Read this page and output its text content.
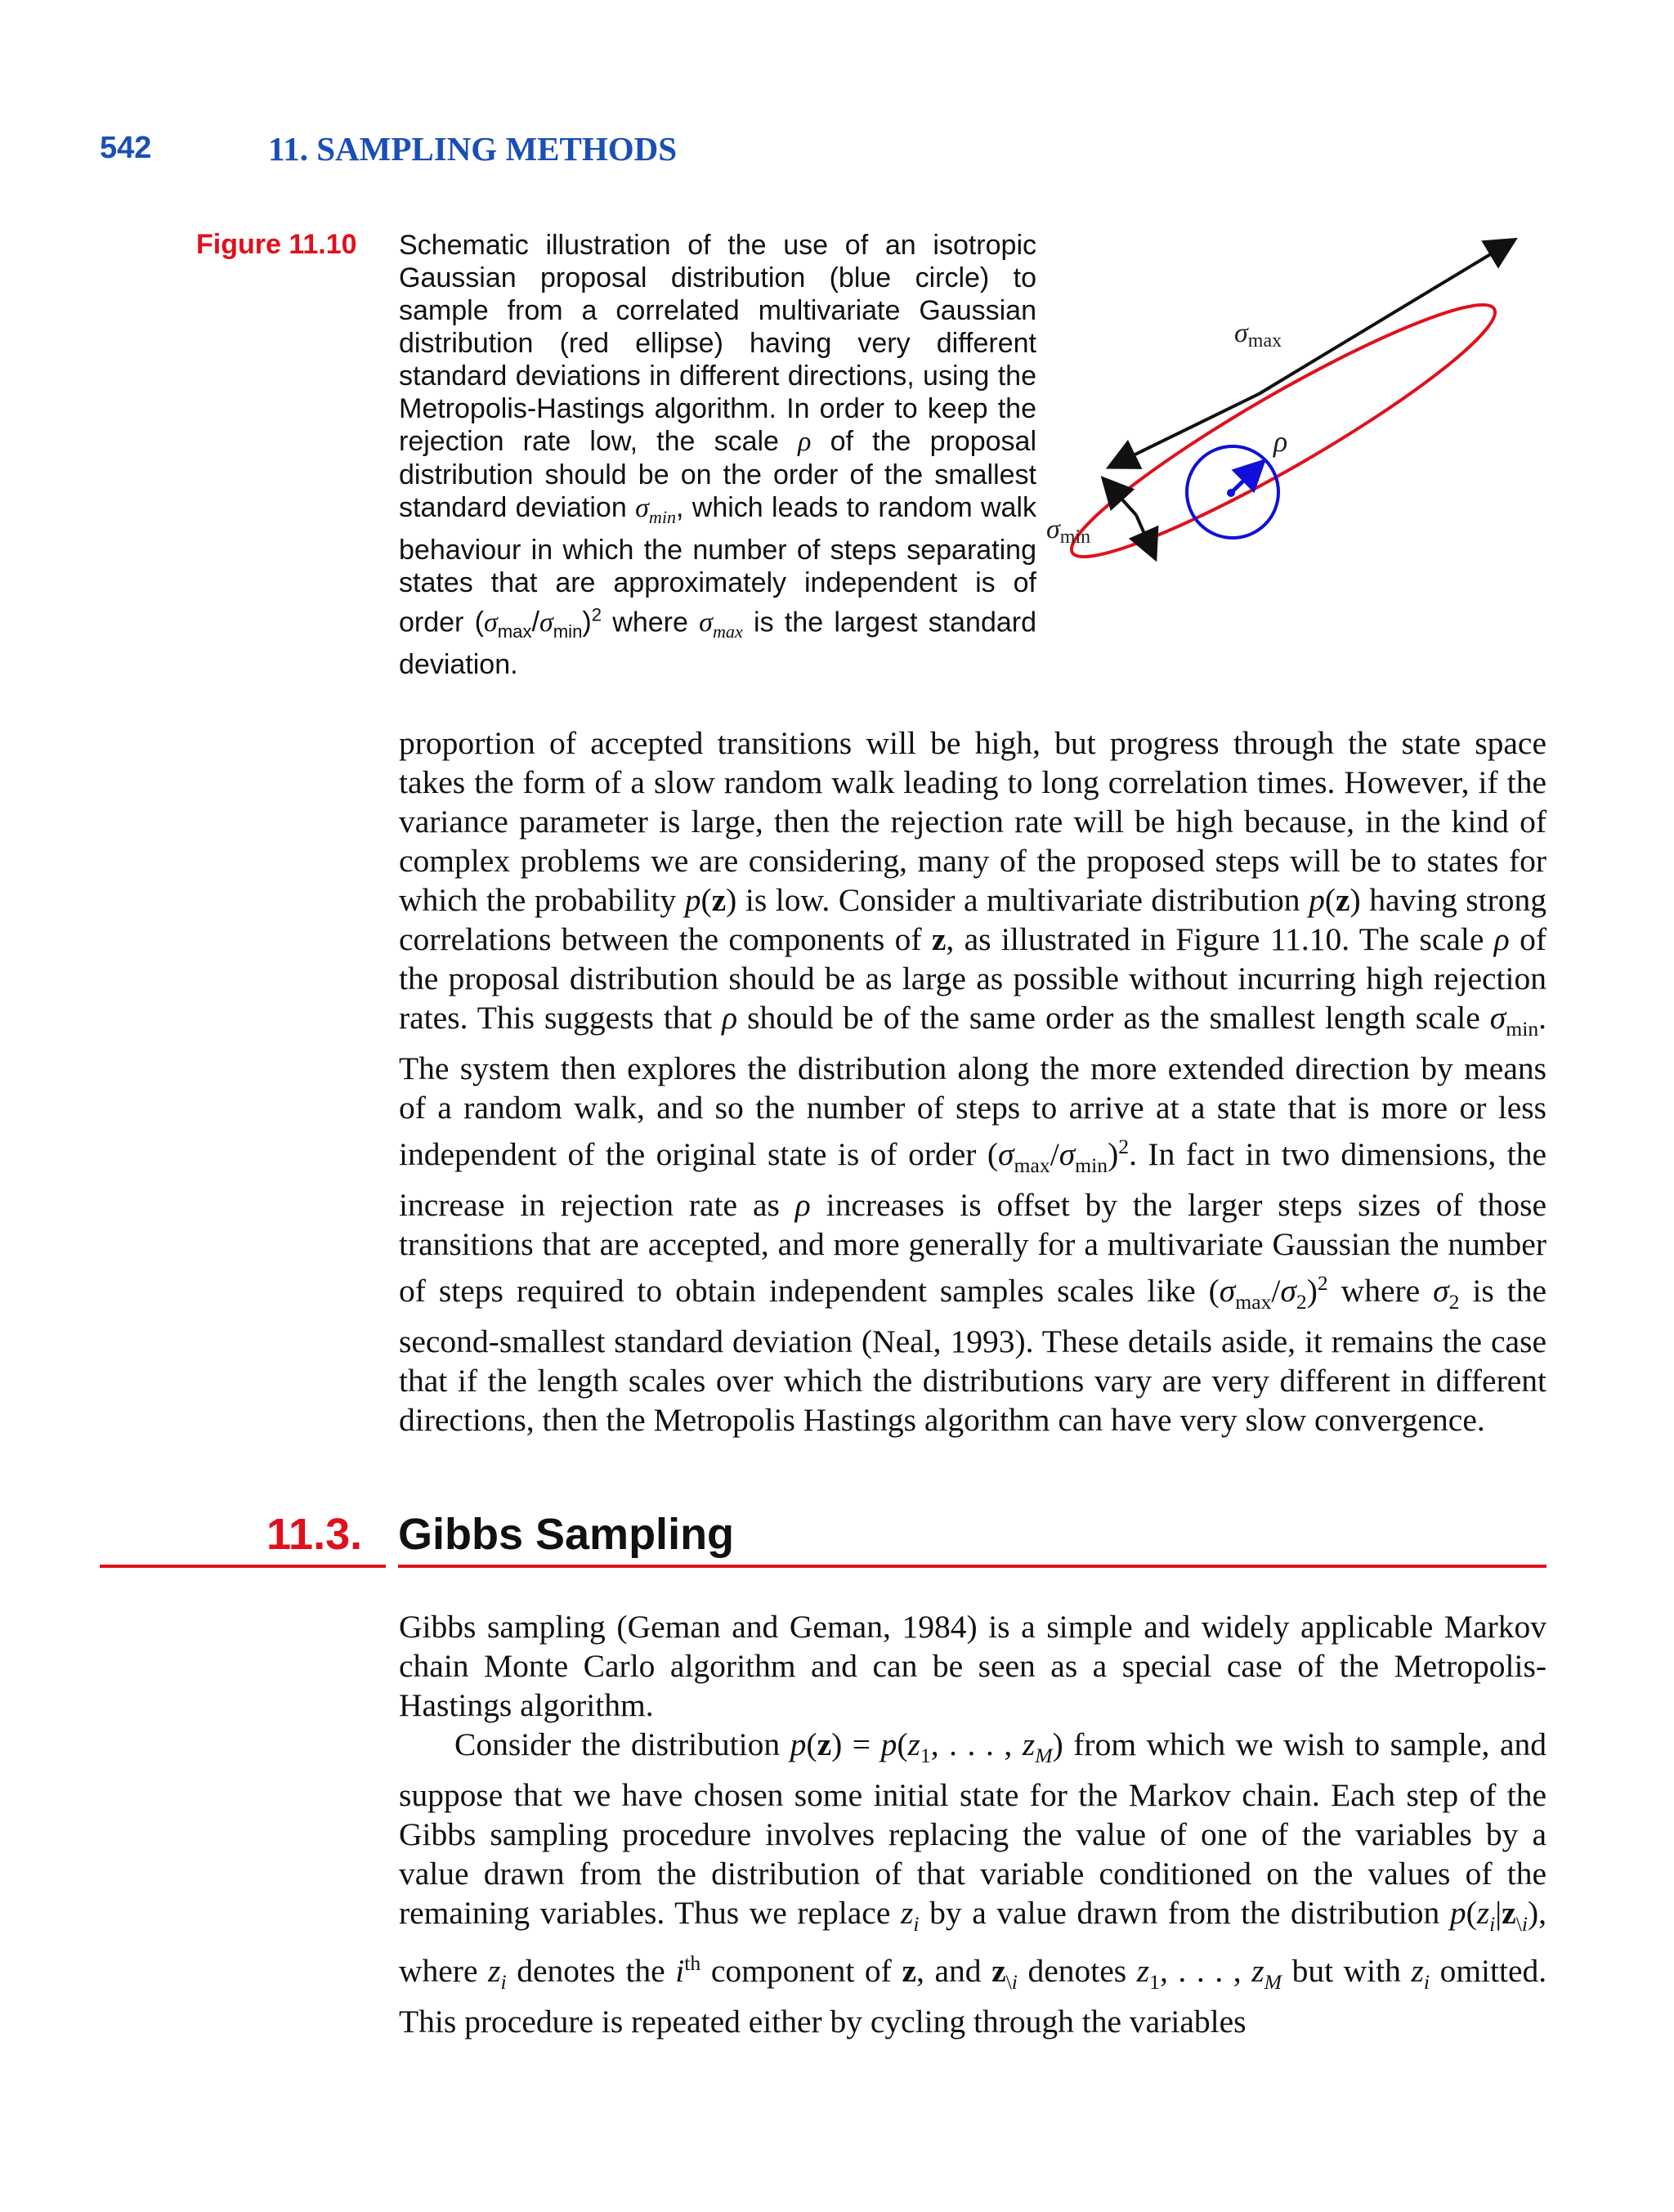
542	11. SAMPLING METHODS
Figure 11.10 Schematic illustration of the use of an isotropic Gaussian proposal distribution (blue circle) to sample from a correlated multivariate Gaussian distribution (red ellipse) having very different standard deviations in different directions, using the Metropolis-Hastings algorithm. In order to keep the rejection rate low, the scale ρ of the proposal distribution should be on the order of the smallest standard deviation $\sigma_{min}$, which leads to random walk behaviour in which the number of steps separating states that are approximately independent is of order $(\sigma_{max}/\sigma_{min})^2$ where $\sigma_{max}$ is the largest standard deviation.
σmax
ρ
σmin

proportion of accepted transitions will be high, but progress through the state space takes the form of a slow random walk leading to long correlation times. However, if the variance parameter is large, then the rejection rate will be high because, in the kind of complex problems we are considering, many of the proposed steps will be to states for which the probability p(z) is low. Consider a multivariate distribution p(z) having strong correlations between the components of z, as illustrated in Figure 11.10. The scale ρ of the proposal distribution should be as large as possible without incurring high rejection rates. This suggests that ρ should be of the same order as the smallest length scale $\sigma_{min}$. The system then explores the distribution along the more extended direction by means of a random walk, and so the number of steps to arrive at a state that is more or less independent of the original state is of order $(\sigma_{max}/\sigma_{min})^2$. In fact in two dimensions, the increase in rejection rate as ρ increases is offset by the larger steps sizes of those transitions that are accepted, and more generally for a multivariate Gaussian the number of steps required to obtain independent samples scales like $(\sigma_{max}/\sigma_2)^2$ where $\sigma_2$ is the second-smallest standard deviation (Neal, 1993). These details aside, it remains the case that if the length scales over which the distributions vary are very different in different directions, then the Metropolis Hastings algorithm can have very slow convergence.

11.3. Gibbs Sampling

Gibbs sampling (Geman and Geman, 1984) is a simple and widely applicable Markov chain Monte Carlo algorithm and can be seen as a special case of the Metropolis-Hastings algorithm.

Consider the distribution $p(z) = p(z_1$, . . . , $z_M$) from which we wish to sample, and suppose that we have chosen some initial state for the Markov chain. Each step of the Gibbs sampling procedure involves replacing the value of one of the variables by a value drawn from the distribution of that variable conditioned on the values of the remaining variables. Thus we replace $z_i$ by a value drawn from the distribution $p(z_i|z_{\backslash i})$, where $z_i$ denotes the $i^{th}$ component of z, and $z_{\backslash i}$ denotes $z_1$, . . . , $z_M$ but with $z_i$ omitted. This procedure is repeated either by cycling through the variables
